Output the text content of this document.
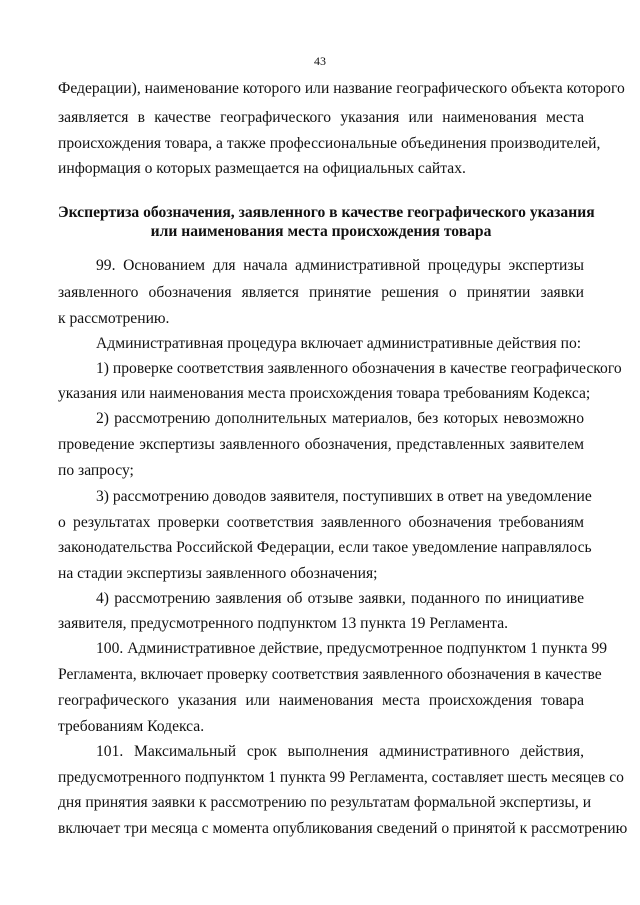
43
Федерации), наименование которого или название географического объекта которого
заявляется в качестве географического указания или наименования места
происхождения товара, а также профессиональные объединения производителей,
информация о которых размещается на официальных сайтах.
Экспертиза обозначения, заявленного в качестве географического указания
или наименования места происхождения товара
99. Основанием для начала административной процедуры экспертизы
заявленного обозначения является принятие решения о принятии заявки
к рассмотрению.
Административная процедура включает административные действия по:
1) проверке соответствия заявленного обозначения в качестве географического
указания или наименования места происхождения товара требованиям Кодекса;
2) рассмотрению дополнительных материалов, без которых невозможно
проведение экспертизы заявленного обозначения, представленных заявителем
по запросу;
3) рассмотрению доводов заявителя, поступивших в ответ на уведомление
о результатах проверки соответствия заявленного обозначения требованиям
законодательства Российской Федерации, если такое уведомление направлялось
на стадии экспертизы заявленного обозначения;
4) рассмотрению заявления об отзыве заявки, поданного по инициативе
заявителя, предусмотренного подпунктом 13 пункта 19 Регламента.
100. Административное действие, предусмотренное подпунктом 1 пункта 99
Регламента, включает проверку соответствия заявленного обозначения в качестве
географического указания или наименования места происхождения товара
требованиям Кодекса.
101. Максимальный срок выполнения административного действия,
предусмотренного подпунктом 1 пункта 99 Регламента, составляет шесть месяцев со
дня принятия заявки к рассмотрению по результатам формальной экспертизы, и
включает три месяца с момента опубликования сведений о принятой к рассмотрению
